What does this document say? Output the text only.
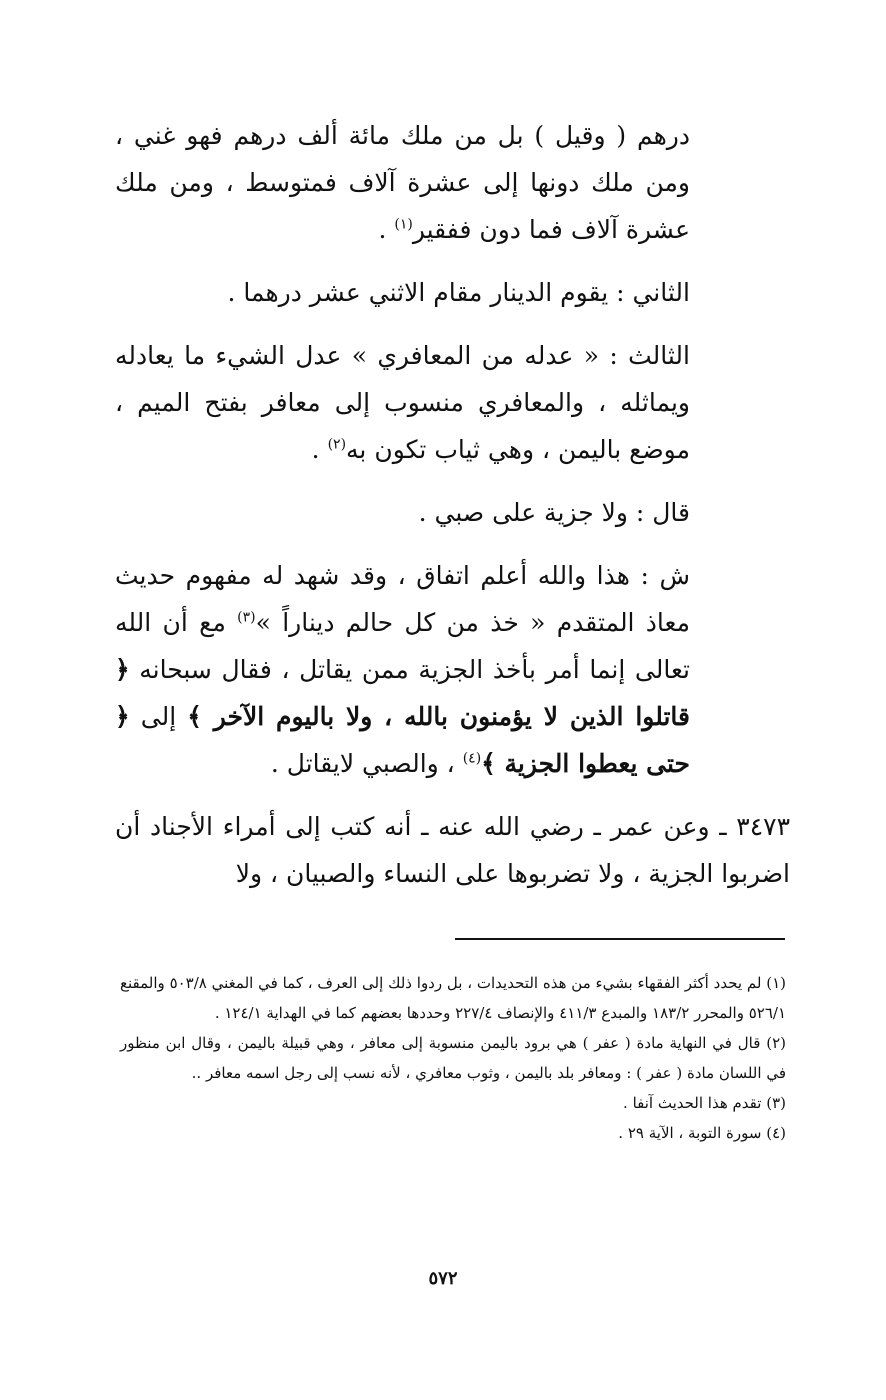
درهم ( وقيل ) بل من ملك مائة ألف درهم فهو غني ، ومن ملك دونها إلى عشرة آلاف فمتوسط ، ومن ملك عشرة آلاف فما دون ففقير$^{(١)}$ .

الثاني : يقوم الدينار مقام الاثني عشر درهما .

الثالث : « عدله من المعافري » عدل الشيء ما يعادله ويماثله ، والمعافري منسوب إلى معافر بفتح الميم ، موضع باليمن ، وهي ثياب تكون به$^{(٢)}$ .

قال : ولا جزية على صبي .

ش : هذا والله أعلم اتفاق ، وقد شهد له مفهوم حديث معاذ المتقدم « خذ من كل حالم ديناراً »$^{(٣)}$ مع أن الله تعالى إنما أمر بأخذ الجزية ممن يقاتل ، فقال سبحانه ﴿ قاتلوا الذين لا يؤمنون بالله ، ولا باليوم الآخر ﴾ إلى ﴿ حتى يعطوا الجزية ﴾$^{(٤)}$ ، والصبي لايقاتل .

٣٤٧٣ ـ وعن عمر ـ رضي الله عنه ـ أنه كتب إلى أمراء الأجناد أن اضربوا الجزية ، ولا تضربوها على النساء والصبيان ، ولا

(١) لم يحدد أكثر الفقهاء بشيء من هذه التحديدات ، بل ردوا ذلك إلى العرف ، كما في المغني ٥٠٣/٨ والمقنع ٥٢٦/١ والمحرر ١٨٣/٢ والمبدع ٤١١/٣ والإنصاف ٢٢٧/٤ وحددها بعضهم كما في الهداية ١٢٤/١ .

(٢) قال في النهاية مادة ( عفر ) هي برود باليمن منسوبة إلى معافر ، وهي قبيلة باليمن ، وقال ابن منظور في اللسان مادة ( عفر ) : ومعافر بلد باليمن ، وثوب معافري ، لأنه نسب إلى رجل اسمه معافر ..

(٣) تقدم هذا الحديث آنفا .

(٤) سورة التوبة ، الآية ٢٩ .

٥٧٢
